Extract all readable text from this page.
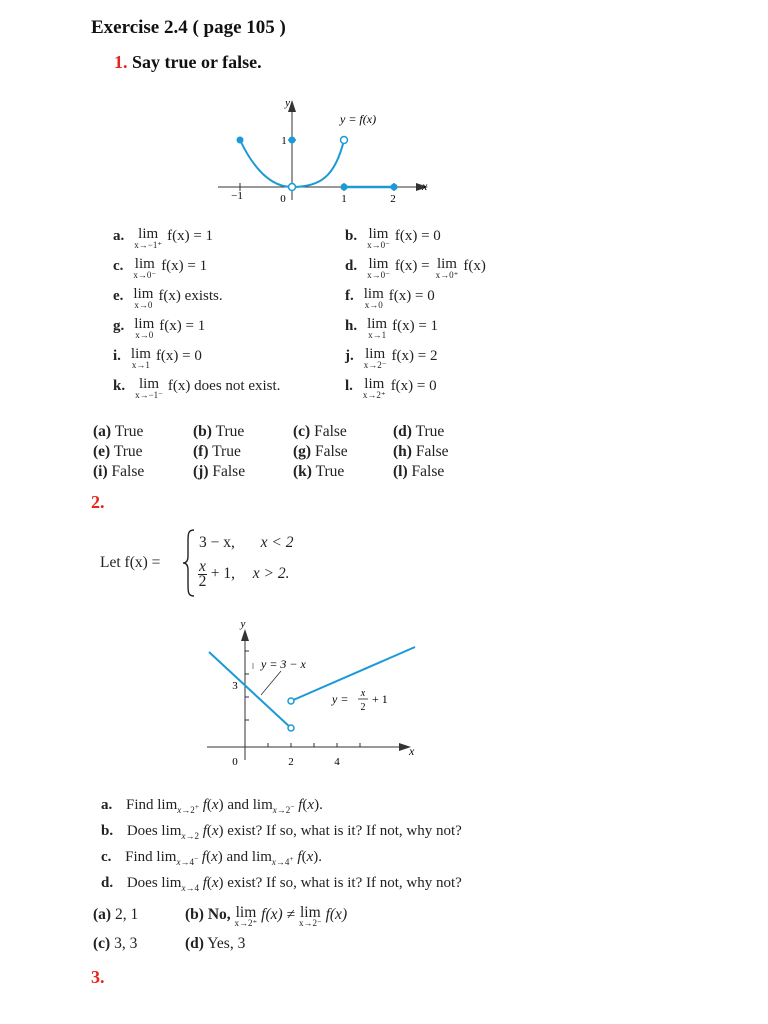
Exercise 2.4 ( page 105 )
1. Say true or false.
y
x
y = f(x)
−1	0	1	2
1
a. lim
x→−1⁺
f(x) = 1	b. lim
x→0⁻
f(x) = 0
c. lim
x→0⁻
f(x) = 1	d. lim
x→0⁻
f(x) = lim
x→0⁺
f(x)
e. lim
x→0
f(x) exists.	f. lim
x→0
f(x) = 0
g. lim
x→0
f(x) = 1	h. lim
x→1
f(x) = 1
i. lim
x→1
f(x) = 0	j. lim
x→2⁻
f(x) = 2
k. lim
x→−1⁻
f(x) does not exist.	l. lim
x→2⁺
f(x) = 0
(a) True	(b) True	(c) False	(d) True
(e) True	(f) True	(g) False	(h) False
(i) False	(j) False	(k) True	(l) False
2.
Let f(x) =
3 − x, x < 2
$\frac{x}{2} + 1$, x > 2.
y
x
3
0	2	4
y = 3 − x
y = x
2
+ 1
a. Find $\lim_{x\to 2^+} f(x)$ and $\lim_{x\to 2^-} f(x)$.
b. Does $\lim_{x\to 2} f(x)$ exist? If so, what is it? If not, why not?
c. Find $\lim_{x\to 4^-} f(x)$ and $\lim_{x\to 4^+} f(x)$.
d. Does $\lim_{x\to 4} f(x)$ exist? If so, what is it? If not, why not?
(a) 2, 1	(b) No, lim
x→2⁺ f(x) ≠ lim
x→2⁻ f(x)
(c) 3, 3	(d) Yes, 3
3.
